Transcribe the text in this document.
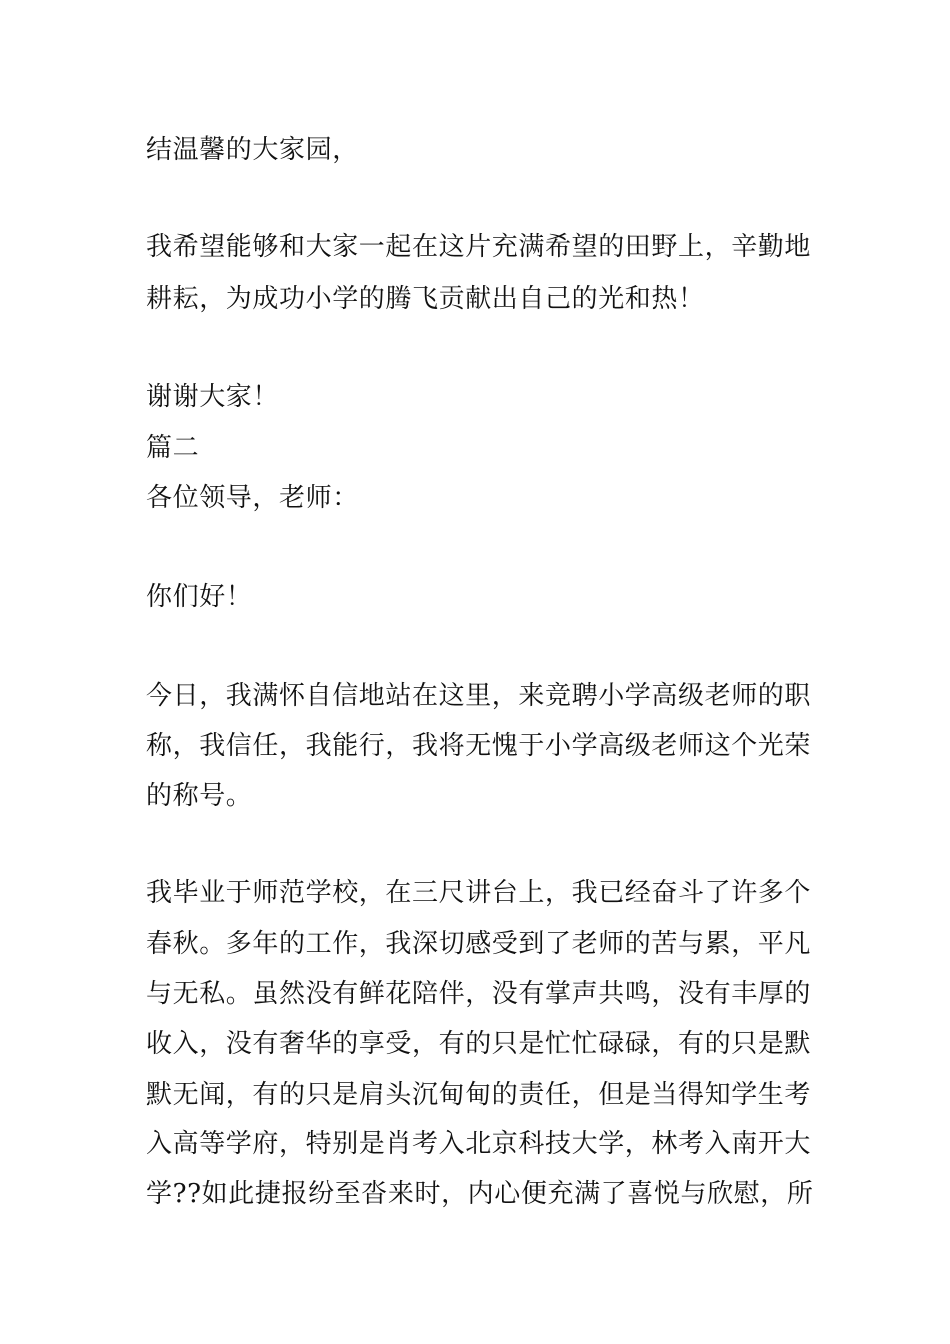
结温馨的大家园，
我希望能够和大家一起在这片充满希望的田野上，辛勤地
耕耘，为成功小学的腾飞贡献出自己的光和热！
谢谢大家！
篇二
各位领导，老师：
你们好！
今日，我满怀自信地站在这里，来竞聘小学高级老师的职
称，我信任，我能行，我将无愧于小学高级老师这个光荣
的称号。
我毕业于师范学校，在三尺讲台上，我已经奋斗了许多个
春秋。多年的工作，我深切感受到了老师的苦与累，平凡
与无私。虽然没有鲜花陪伴，没有掌声共鸣，没有丰厚的
收入，没有奢华的享受，有的只是忙忙碌碌，有的只是默
默无闻，有的只是肩头沉甸甸的责任，但是当得知学生考
入高等学府，特别是肖考入北京科技大学，林考入南开大
学??如此捷报纷至沓来时，内心便充满了喜悦与欣慰，所
